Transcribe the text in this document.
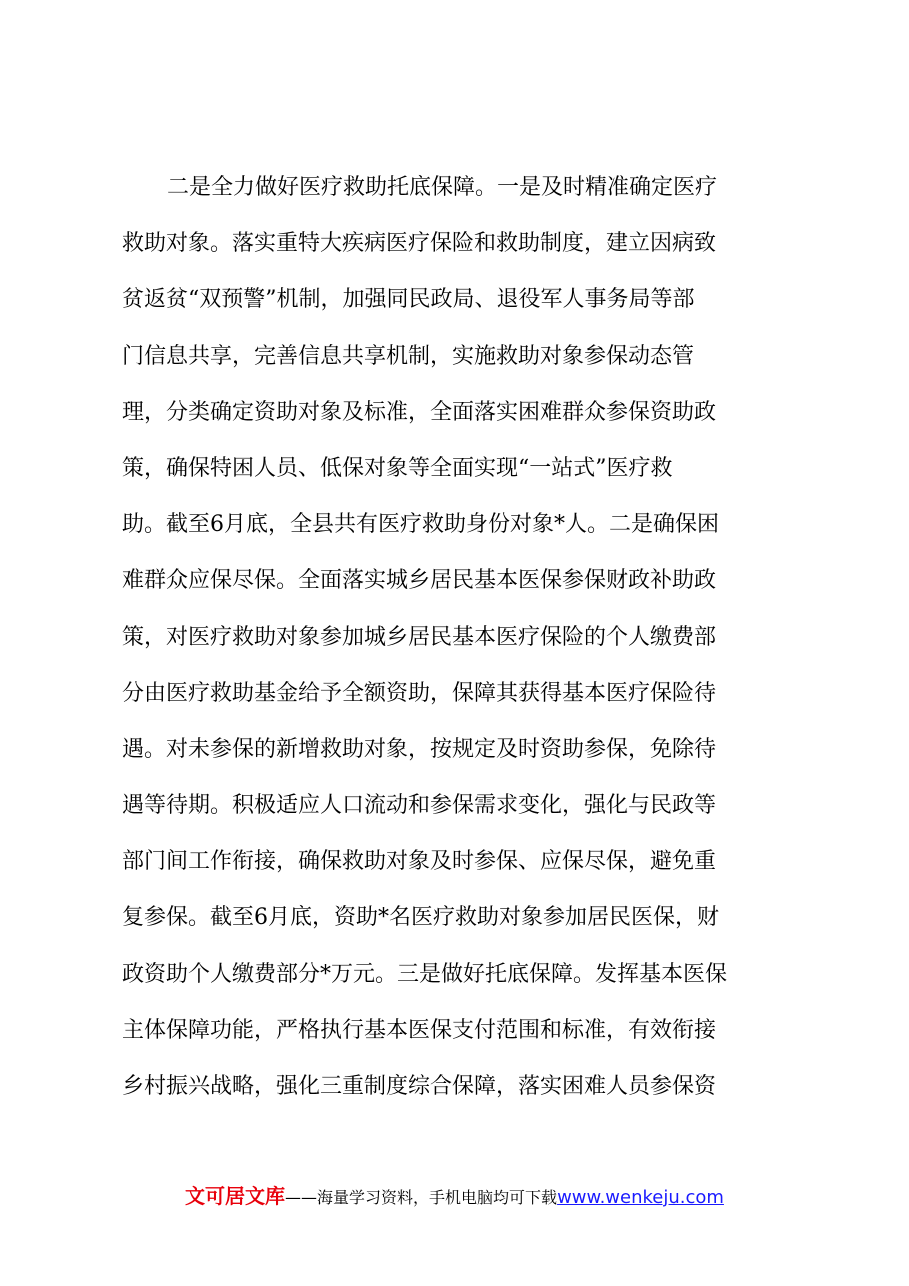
二是全力做好医疗救助托底保障。一是及时精准确定医疗
救助对象。落实重特大疾病医疗保险和救助制度，建立因病致
贫返贫“双预警”机制，加强同民政局、退役军人事务局等部
门信息共享，完善信息共享机制，实施救助对象参保动态管
理，分类确定资助对象及标准，全面落实困难群众参保资助政
策，确保特困人员、低保对象等全面实现“一站式”医疗救
助。截至6月底，全县共有医疗救助身份对象*人。二是确保困
难群众应保尽保。全面落实城乡居民基本医保参保财政补助政
策，对医疗救助对象参加城乡居民基本医疗保险的个人缴费部
分由医疗救助基金给予全额资助，保障其获得基本医疗保险待
遇。对未参保的新增救助对象，按规定及时资助参保，免除待
遇等待期。积极适应人口流动和参保需求变化，强化与民政等
部门间工作衔接，确保救助对象及时参保、应保尽保，避免重
复参保。截至6月底，资助*名医疗救助对象参加居民医保，财
政资助个人缴费部分*万元。三是做好托底保障。发挥基本医保
主体保障功能，严格执行基本医保支付范围和标准，有效衔接
乡村振兴战略，强化三重制度综合保障，落实困难人员参保资
文可居文库——海量学习资料，手机电脑均可下载www.wenkeju.com
